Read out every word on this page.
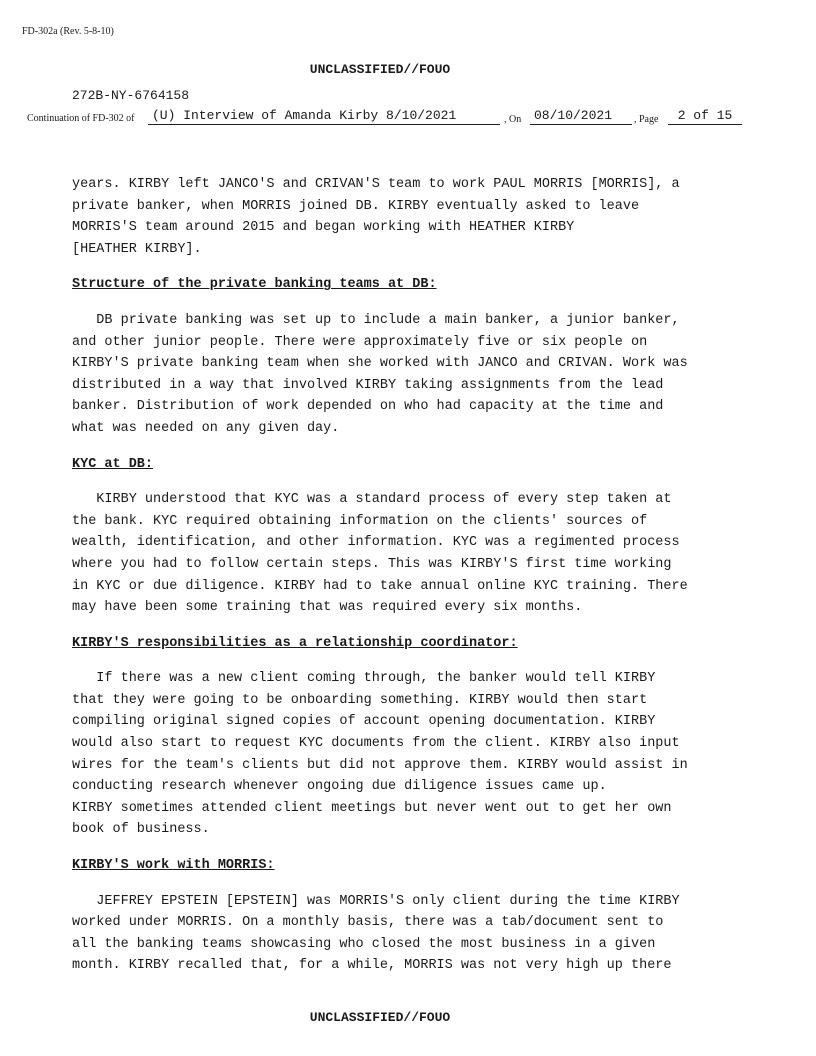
FD-302a (Rev. 5-8-10)
UNCLASSIFIED//FOUO
272B-NY-6764158
Continuation of FD-302 of	(U) Interview of Amanda Kirby 8/10/2021	, On 08/10/2021	, Page	2 of 15
years. KIRBY left JANCO'S and CRIVAN'S team to work PAUL MORRIS [MORRIS], a
private banker, when MORRIS joined DB. KIRBY eventually asked to leave
MORRIS'S team around 2015 and began working with HEATHER KIRBY
[HEATHER KIRBY].
Structure of the private banking teams at DB:
DB private banking was set up to include a main banker, a junior banker,
and other junior people. There were approximately five or six people on
KIRBY'S private banking team when she worked with JANCO and CRIVAN. Work was
distributed in a way that involved KIRBY taking assignments from the lead
banker. Distribution of work depended on who had capacity at the time and
what was needed on any given day.
KYC at DB:
KIRBY understood that KYC was a standard process of every step taken at
the bank. KYC required obtaining information on the clients' sources of
wealth, identification, and other information. KYC was a regimented process
where you had to follow certain steps. This was KIRBY'S first time working
in KYC or due diligence. KIRBY had to take annual online KYC training. There
may have been some training that was required every six months.
KIRBY'S responsibilities as a relationship coordinator:
If there was a new client coming through, the banker would tell KIRBY
that they were going to be onboarding something. KIRBY would then start
compiling original signed copies of account opening documentation. KIRBY
would also start to request KYC documents from the client. KIRBY also input
wires for the team's clients but did not approve them. KIRBY would assist in
conducting research whenever ongoing due diligence issues came up.
KIRBY sometimes attended client meetings but never went out to get her own
book of business.
KIRBY'S work with MORRIS:
JEFFREY EPSTEIN [EPSTEIN] was MORRIS'S only client during the time KIRBY
worked under MORRIS. On a monthly basis, there was a tab/document sent to
all the banking teams showcasing who closed the most business in a given
month. KIRBY recalled that, for a while, MORRIS was not very high up there
UNCLASSIFIED//FOUO
